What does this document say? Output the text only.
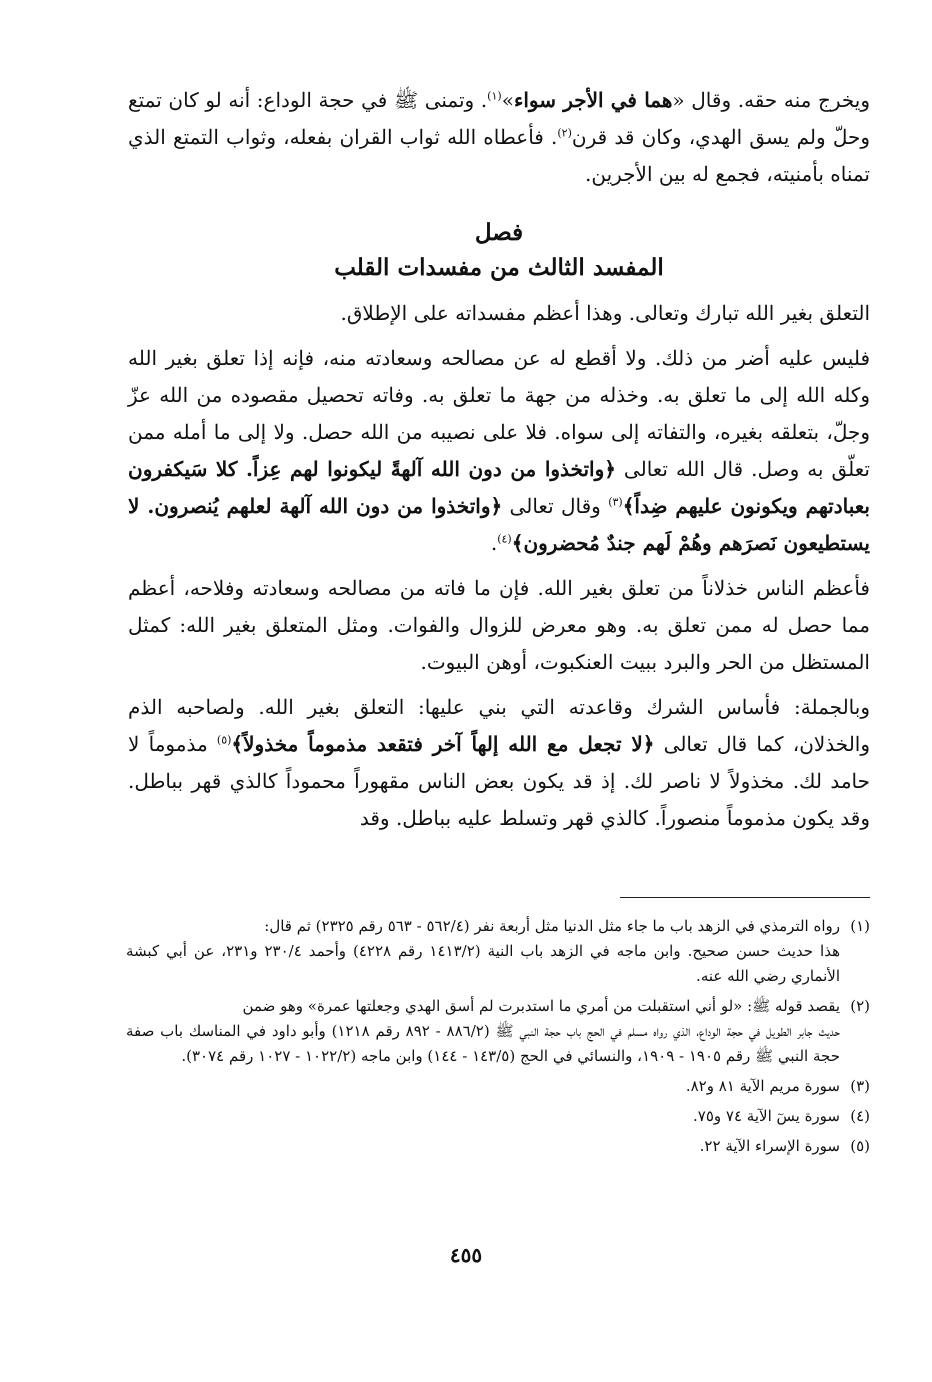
ويخرج منه حقه. وقال «هما في الأجر سواء»$^{(١)}$. وتمنى ﷺ في حجة الوداع: أنه لو كان تمتع وحلّ ولم يسق الهدي، وكان قد قرن$^{(٢)}$. فأعطاه الله ثواب القران بفعله، وثواب التمتع الذي تمناه بأمنيته، فجمع له بين الأجرين.

فصل
المفسد الثالث من مفسدات القلب

التعلق بغير الله تبارك وتعالى. وهذا أعظم مفسداته على الإطلاق.

فليس عليه أضر من ذلك. ولا أقطع له عن مصالحه وسعادته منه، فإنه إذا تعلق بغير الله وكله الله إلى ما تعلق به. وخذله من جهة ما تعلق به. وفاته تحصيل مقصوده من الله عزّ وجلّ، بتعلقه بغيره، والتفاته إلى سواه. فلا على نصيبه من الله حصل. ولا إلى ما أمله ممن تعلّق به وصل. قال الله تعالى ﴿واتخذوا من دون الله آلهةً ليكونوا لهم عِزاً. كلا سَيكفرون بعبادتهم ويكونون عليهم ضِداً﴾$^{(٣)}$ وقال تعالى ﴿واتخذوا من دون الله آلهة لعلهم يُنصرون. لا يستطيعون نَصرَهم وهُمْ لَهم جندٌ مُحضرون﴾$^{(٤)}$.

فأعظم الناس خذلاناً من تعلق بغير الله. فإن ما فاته من مصالحه وسعادته وفلاحه، أعظم مما حصل له ممن تعلق به. وهو معرض للزوال والفوات. ومثل المتعلق بغير الله: كمثل المستظل من الحر والبرد ببيت العنكبوت، أوهن البيوت.

وبالجملة: فأساس الشرك وقاعدته التي بني عليها: التعلق بغير الله. ولصاحبه الذم والخذلان، كما قال تعالى ﴿لا تجعل مع الله إلهاً آخر فتقعد مذموماً مخذولاً﴾$^{(٥)}$ مذموماً لا حامد لك. مخذولاً لا ناصر لك. إذ قد يكون بعض الناس مقهوراً محموداً كالذي قهر بباطل. وقد يكون مذموماً منصوراً. كالذي قهر وتسلط عليه بباطل. وقد

(١)رواه الترمذي في الزهد باب ما جاء مثل الدنيا مثل أربعة نفر (٥٦٢/٤ - ٥٦٣ رقم ٢٣٢٥) ثم قال:
هذا حديث حسن صحيح. وابن ماجه في الزهد باب النية (١٤١٣/٢ رقم ٤٢٢٨) وأحمد ٢٣٠/٤ و٢٣١، عن أبي كبشة الأنماري رضي الله عنه.
(٢)يقصد قوله ﷺ: «لو أني استقبلت من أمري ما استدبرت لم أسق الهدي وجعلتها عمرة» وهو ضمن
حديث جابر الطويل في حجة الوداع، الذي رواه مسلم في الحج باب حجة النبي ﷺ (٨٨٦/٢ - ٨٩٢ رقم ١٢١٨) وأبو داود في المناسك باب صفة حجة النبي ﷺ رقم ١٩٠٥ - ١٩٠٩، والنسائي في الحج (١٤٣/٥ - ١٤٤) وابن ماجه (١٠٢٢/٢ - ١٠٢٧ رقم ٣٠٧٤).
(٣)سورة مريم الآية ٨١ و٨٢.
(٤)سورة يسٓ الآية ٧٤ و٧٥.
(٥)سورة الإسراء الآية ٢٢.
٤٥٥
